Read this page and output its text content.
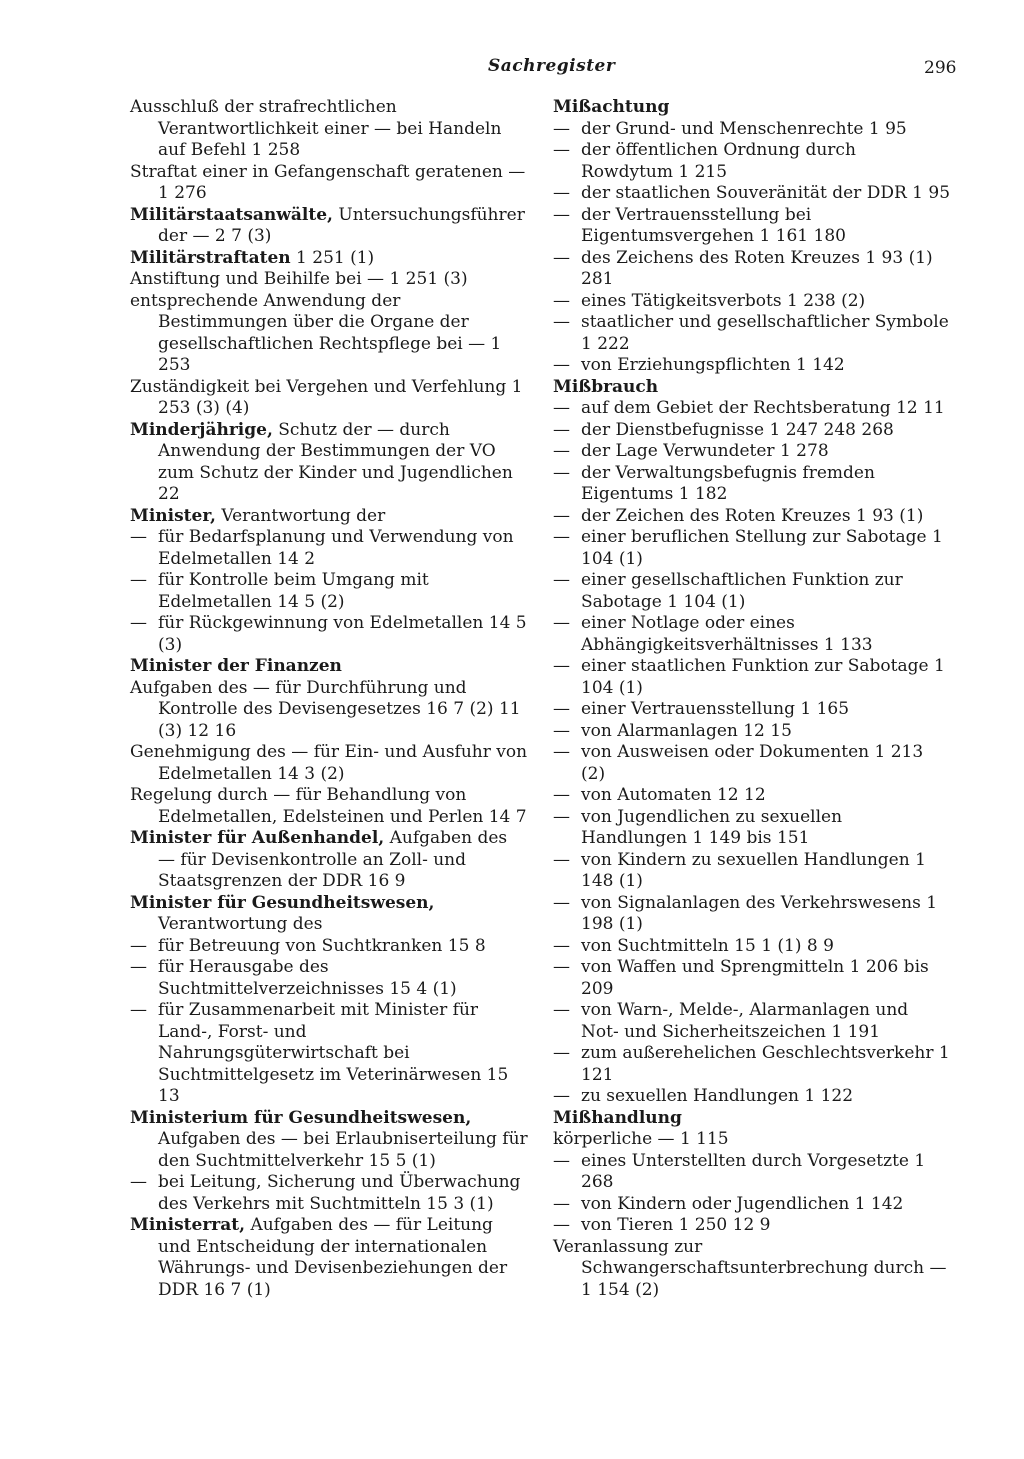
Sachregister	296

Ausschluß der strafrechtlichen Verantwortlichkeit einer — bei Handeln auf Befehl 1 258

Straftat einer in Gefangenschaft geratenen — 1 276

Militärstaatsanwälte, Untersuchungsführer der — 2 7 (3)

Militärstraftaten 1 251 (1)

Anstiftung und Beihilfe bei — 1 251 (3)

entsprechende Anwendung der Bestimmungen über die Organe der gesellschaftlichen Rechtspflege bei — 1 253

Zuständigkeit bei Vergehen und Verfehlung 1 253 (3) (4)

Minderjährige, Schutz der — durch Anwendung der Bestimmungen der VO zum Schutz der Kinder und Jugendlichen 22

Minister, Verantwortung der

— für Bedarfsplanung und Verwendung von Edelmetallen 14 2

— für Kontrolle beim Umgang mit Edelmetallen 14 5 (2)

— für Rückgewinnung von Edelmetallen 14 5 (3)

Minister der Finanzen

Aufgaben des — für Durchführung und Kontrolle des Devisengesetzes 16 7 (2) 11 (3) 12 16

Genehmigung des — für Ein- und Ausfuhr von Edelmetallen 14 3 (2)

Regelung durch — für Behandlung von Edelmetallen, Edelsteinen und Perlen 14 7

Minister für Außenhandel, Aufgaben des — für Devisenkontrolle an Zoll- und Staatsgrenzen der DDR 16 9

Minister für Gesundheitswesen, Verantwortung des

— für Betreuung von Suchtkranken 15 8

— für Herausgabe des Suchtmittelverzeichnisses 15 4 (1)

— für Zusammenarbeit mit Minister für Land-, Forst- und Nahrungsgüterwirtschaft bei Suchtmittelgesetz im Veterinärwesen 15 13

Ministerium für Gesundheitswesen, Aufgaben des — bei Erlaubniserteilung für den Suchtmittelverkehr 15 5 (1)

— bei Leitung, Sicherung und Überwachung des Verkehrs mit Suchtmitteln 15 3 (1)

Ministerrat, Aufgaben des — für Leitung und Entscheidung der internationalen Währungs- und Devisenbeziehungen der DDR 16 7 (1)

Mißachtung

— der Grund- und Menschenrechte 1 95

— der öffentlichen Ordnung durch Rowdytum 1 215

— der staatlichen Souveränität der DDR 1 95

— der Vertrauensstellung bei Eigentumsvergehen 1 161 180

— des Zeichens des Roten Kreuzes 1 93 (1) 281

— eines Tätigkeitsverbots 1 238 (2)

— staatlicher und gesellschaftlicher Symbole 1 222

— von Erziehungspflichten 1 142

Mißbrauch

— auf dem Gebiet der Rechtsberatung 12 11

— der Dienstbefugnisse 1 247 248 268

— der Lage Verwundeter 1 278

— der Verwaltungsbefugnis fremden Eigentums 1 182

— der Zeichen des Roten Kreuzes 1 93 (1)

— einer beruflichen Stellung zur Sabotage 1 104 (1)

— einer gesellschaftlichen Funktion zur Sabotage 1 104 (1)

— einer Notlage oder eines Abhängigkeitsverhältnisses 1 133

— einer staatlichen Funktion zur Sabotage 1 104 (1)

— einer Vertrauensstellung 1 165

— von Alarmanlagen 12 15

— von Ausweisen oder Dokumenten 1 213 (2)

— von Automaten 12 12

— von Jugendlichen zu sexuellen Handlungen 1 149 bis 151

— von Kindern zu sexuellen Handlungen 1 148 (1)

— von Signalanlagen des Verkehrswesens 1 198 (1)

— von Suchtmitteln 15 1 (1) 8 9

— von Waffen und Sprengmitteln 1 206 bis 209

— von Warn-, Melde-, Alarmanlagen und Not- und Sicherheitszeichen 1 191

— zum außerehelichen Geschlechtsverkehr 1 121

— zu sexuellen Handlungen 1 122

Mißhandlung

körperliche — 1 115

— eines Unterstellten durch Vorgesetzte 1 268

— von Kindern oder Jugendlichen 1 142

— von Tieren 1 250 12 9

Veranlassung zur Schwangerschaftsunterbrechung durch — 1 154 (2)
